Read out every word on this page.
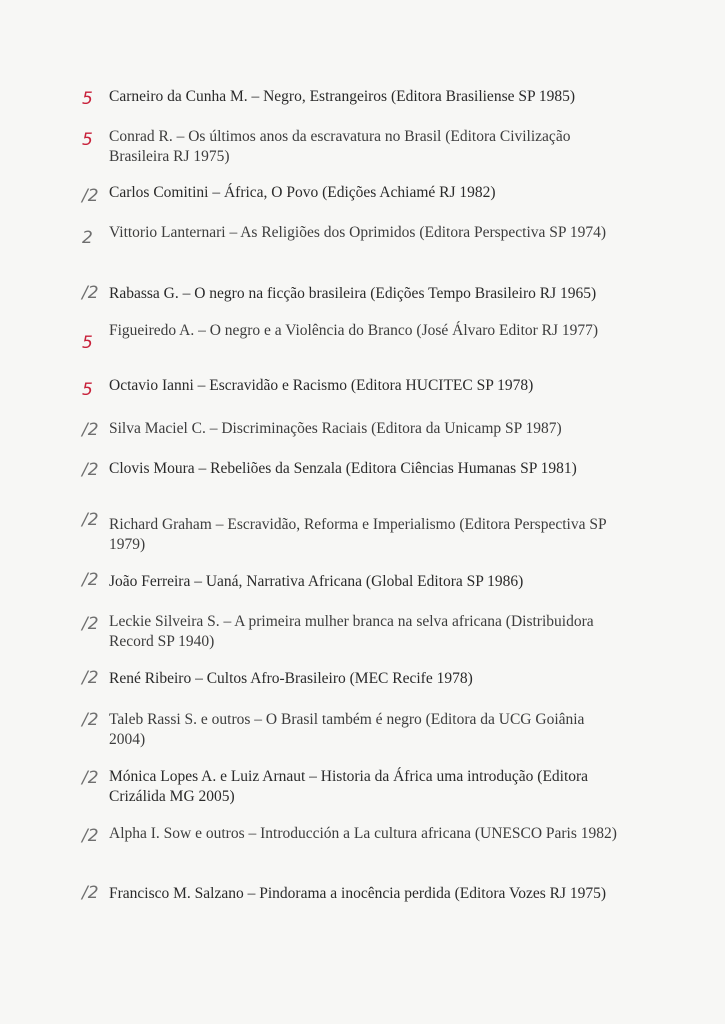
5 Carneiro da Cunha M. – Negro, Estrangeiros (Editora Brasiliense SP 1985)
5 Conrad R. – Os últimos anos da escravatura no Brasil (Editora Civilização Brasileira RJ 1975)
/2 Carlos Comitini – África, O Povo (Edições Achiamé RJ 1982)
2 Vittorio Lanternari – As Religiões dos Oprimidos (Editora Perspectiva SP 1974)
/2 Rabassa G. – O negro na ficção brasileira (Edições Tempo Brasileiro RJ 1965)
5
Figueiredo A. – O negro e a Violência do Branco (José Álvaro Editor RJ 1977)
5 Octavio Ianni – Escravidão e Racismo (Editora HUCITEC SP 1978)
/2 Silva Maciel C. – Discriminações Raciais (Editora da Unicamp SP 1987)
/2 Clovis Moura – Rebeliões da Senzala (Editora Ciências Humanas SP 1981)
/2 Richard Graham – Escravidão, Reforma e Imperialismo (Editora Perspectiva SP 1979)
/2 João Ferreira – Uaná, Narrativa Africana (Global Editora SP 1986)
/2 Leckie Silveira S. – A primeira mulher branca na selva africana (Distribuidora Record SP 1940)
/2 René Ribeiro – Cultos Afro-Brasileiro (MEC Recife 1978)
/2 Taleb Rassi S. e outros – O Brasil também é negro (Editora da UCG Goiânia 2004)
/2 Mónica Lopes A. e Luiz Arnaut – Historia da África uma introdução (Editora Crizálida MG 2005)
/2 Alpha I. Sow e outros – Introducción a La cultura africana (UNESCO Paris 1982)
/2 Francisco M. Salzano – Pindorama a inocência perdida (Editora Vozes RJ 1975)
